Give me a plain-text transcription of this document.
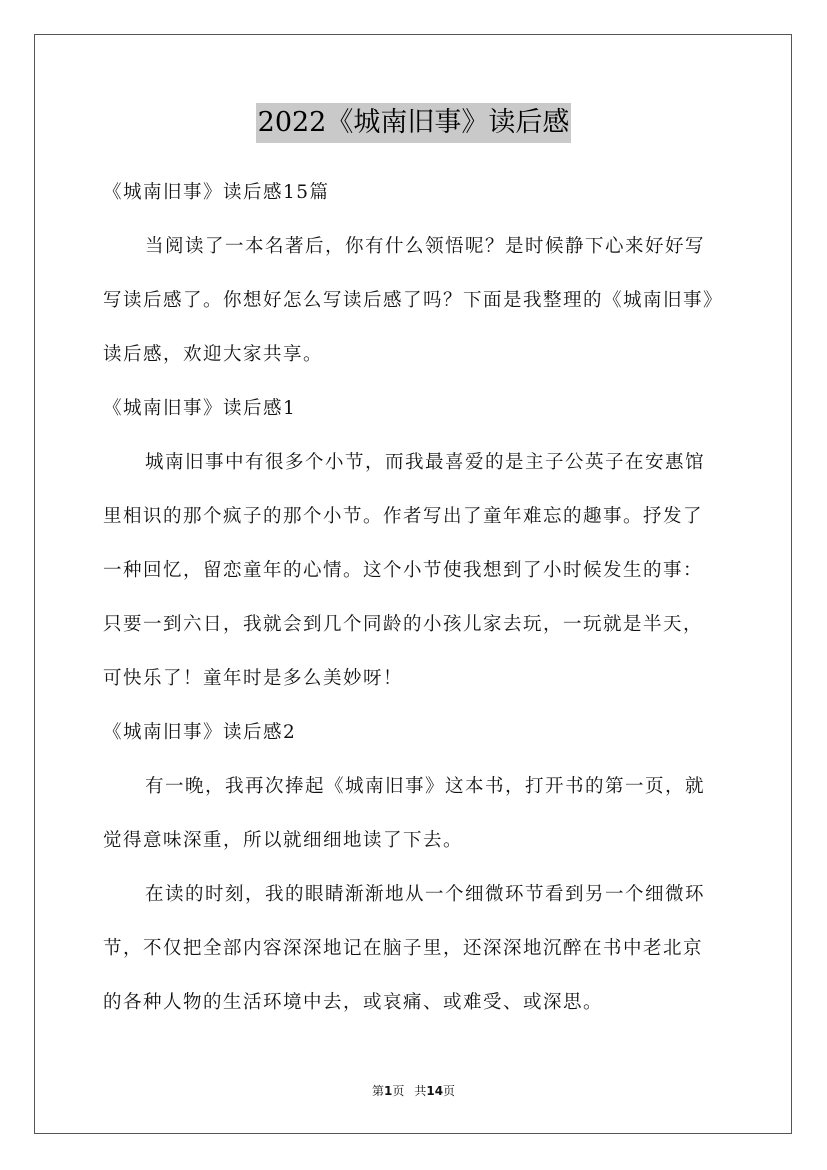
2022《城南旧事》读后感
《城南旧事》读后感15篇
当阅读了一本名著后，你有什么领悟呢？是时候静下心来好好写
写读后感了。你想好怎么写读后感了吗？下面是我整理的《城南旧事》
读后感，欢迎大家共享。
《城南旧事》读后感1
城南旧事中有很多个小节，而我最喜爱的是主子公英子在安惠馆
里相识的那个疯子的那个小节。作者写出了童年难忘的趣事。抒发了
一种回忆，留恋童年的心情。这个小节使我想到了小时候发生的事：
只要一到六日，我就会到几个同龄的小孩儿家去玩，一玩就是半天，
可快乐了！童年时是多么美妙呀！
《城南旧事》读后感2
有一晚，我再次捧起《城南旧事》这本书，打开书的第一页，就
觉得意味深重，所以就细细地读了下去。
在读的时刻，我的眼睛渐渐地从一个细微环节看到另一个细微环
节，不仅把全部内容深深地记在脑子里，还深深地沉醉在书中老北京
的各种人物的生活环境中去，或哀痛、或难受、或深思。
第1页 共14页
